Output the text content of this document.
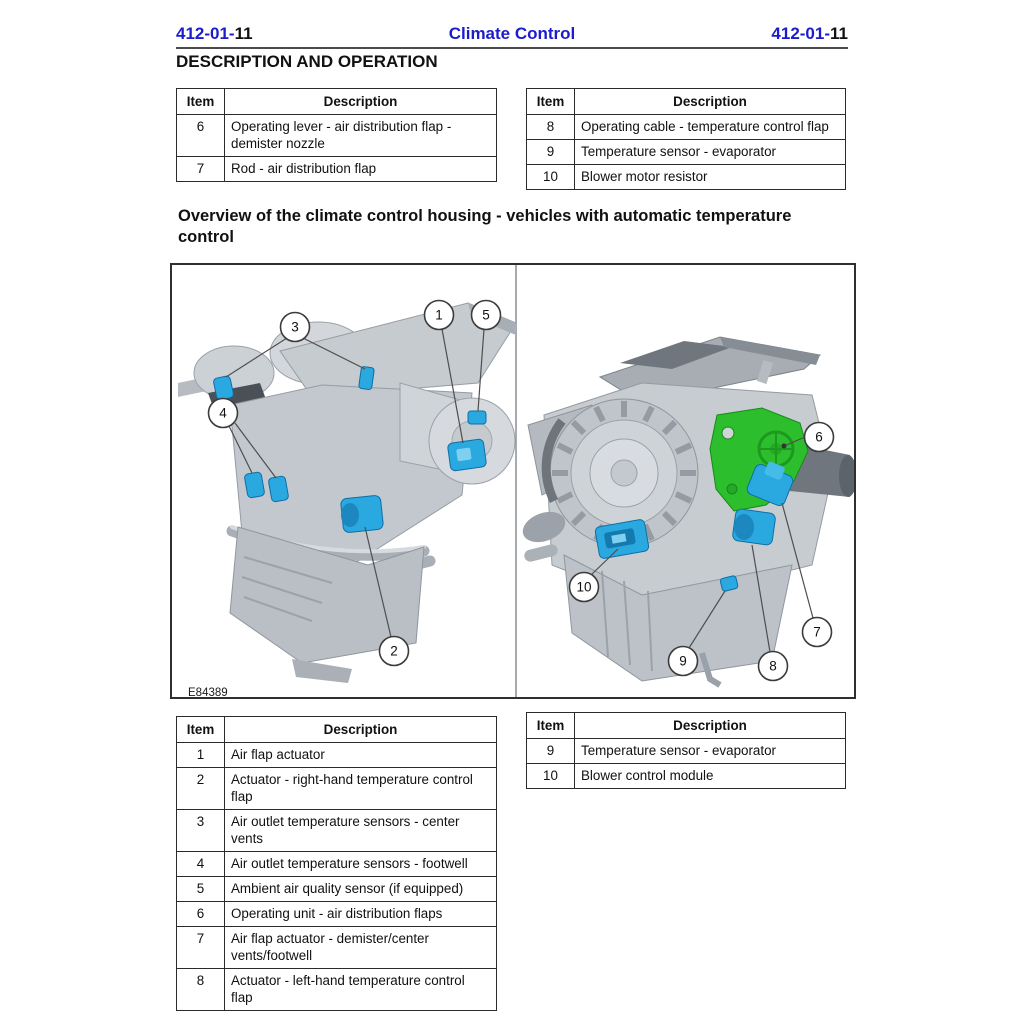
412-01-11	Climate Control	412-01-11
DESCRIPTION AND OPERATION
Item	Description
6	Operating lever - air distribution flap - demister nozzle
7	Rod - air distribution flap
Item	Description
8	Operating cable - temperature control flap
9	Temperature sensor - evaporator
10	Blower motor resistor
Overview of the climate control housing - vehicles with automatic temperature control
3
4
1	5
2
6
10
9	8
7
E84389
Item	Description
1	Air flap actuator
2	Actuator - right-hand temperature control flap
3	Air outlet temperature sensors - center vents
4	Air outlet temperature sensors - footwell
5	Ambient air quality sensor (if equipped)
6	Operating unit - air distribution flaps
7	Air flap actuator - demister/center vents/footwell
8	Actuator - left-hand temperature control flap
Item	Description
9	Temperature sensor - evaporator
10	Blower control module
